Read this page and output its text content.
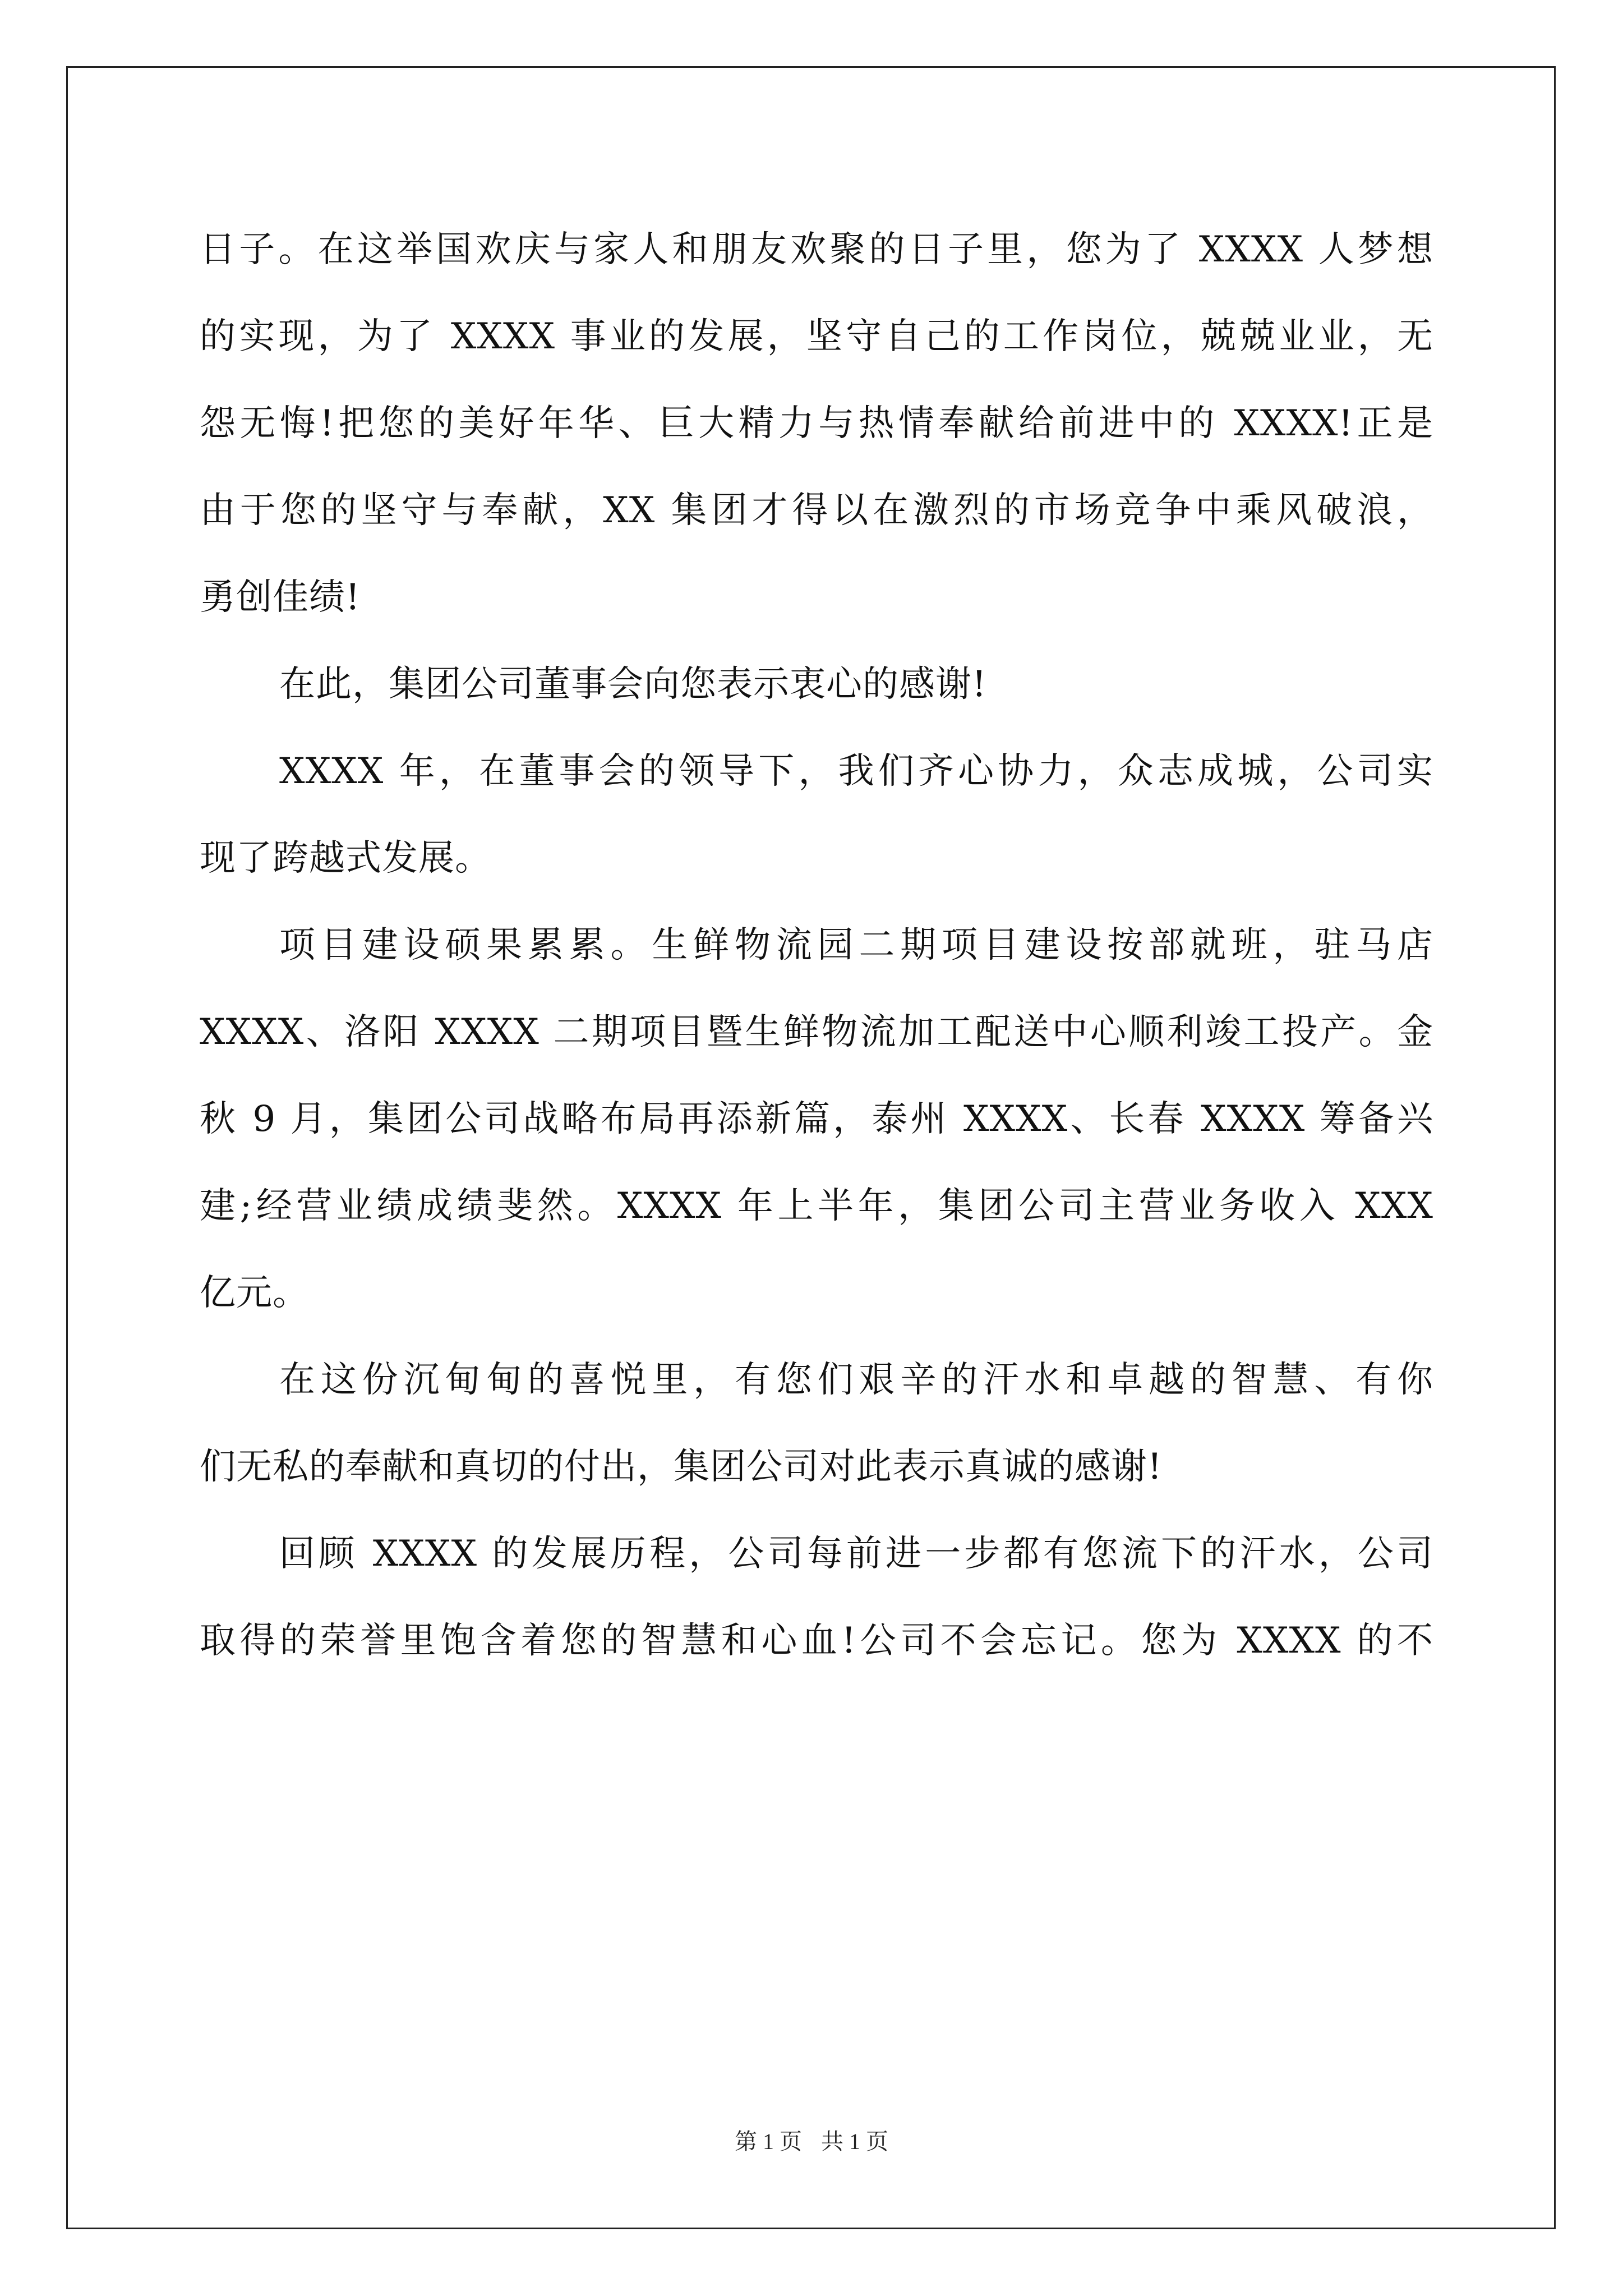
日子。在这举国欢庆与家人和朋友欢聚的日子里，您为了 XXXX 人梦想
的实现，为了 XXXX 事业的发展，坚守自己的工作岗位，兢兢业业，无
怨无悔!把您的美好年华、巨大精力与热情奉献给前进中的 XXXX!正是
由于您的坚守与奉献，XX 集团才得以在激烈的市场竞争中乘风破浪，
勇创佳绩!
在此，集团公司董事会向您表示衷心的感谢!
XXXX 年，在董事会的领导下，我们齐心协力，众志成城，公司实
现了跨越式发展。
项目建设硕果累累。生鲜物流园二期项目建设按部就班，驻马店
XXXX、洛阳 XXXX 二期项目暨生鲜物流加工配送中心顺利竣工投产。金
秋 9 月，集团公司战略布局再添新篇，泰州 XXXX、长春 XXXX 筹备兴
建;经营业绩成绩斐然。XXXX 年上半年，集团公司主营业务收入 XXX
亿元。
在这份沉甸甸的喜悦里，有您们艰辛的汗水和卓越的智慧、有你
们无私的奉献和真切的付出，集团公司对此表示真诚的感谢!
回顾 XXXX 的发展历程，公司每前进一步都有您流下的汗水，公司
取得的荣誉里饱含着您的智慧和心血!公司不会忘记。您为 XXXX 的不
第 1 页 共 1 页
